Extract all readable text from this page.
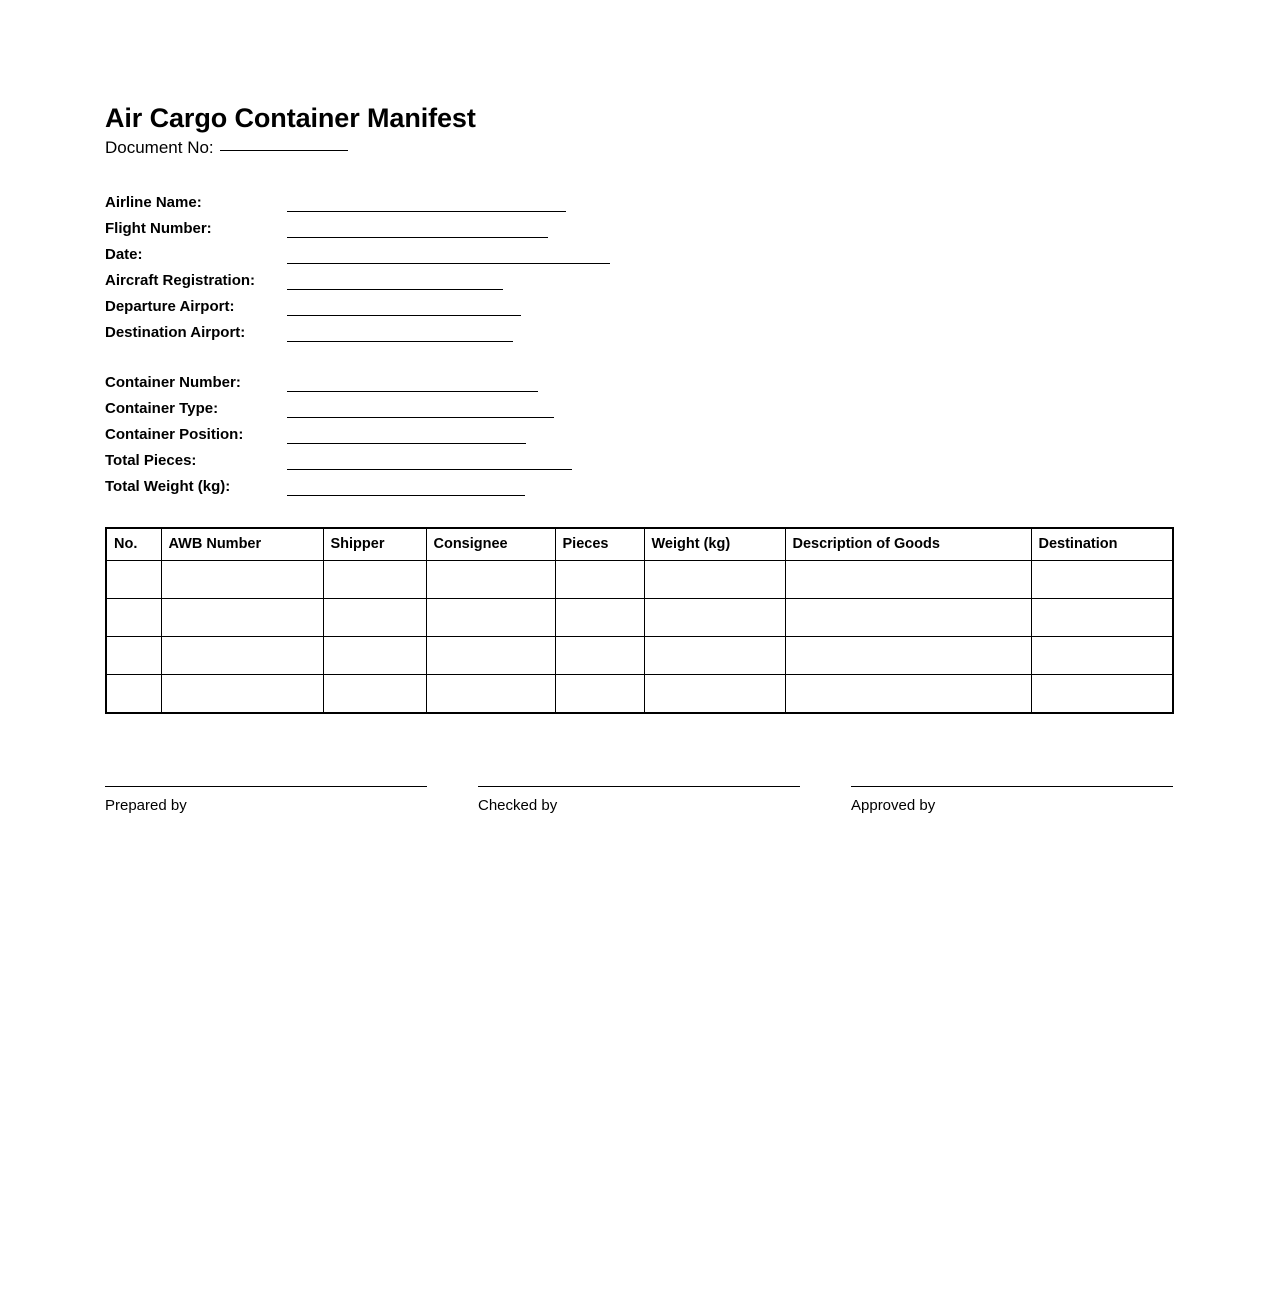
Air Cargo Container Manifest
Document No:
Airline Name:
Flight Number:
Date:
Aircraft Registration:
Departure Airport:
Destination Airport:
Container Number:
Container Type:
Container Position:
Total Pieces:
Total Weight (kg):
No.	AWB Number	Shipper	Consignee	Pieces	Weight (kg)	Description of Goods	Destination

Prepared by	Checked by	Approved by
